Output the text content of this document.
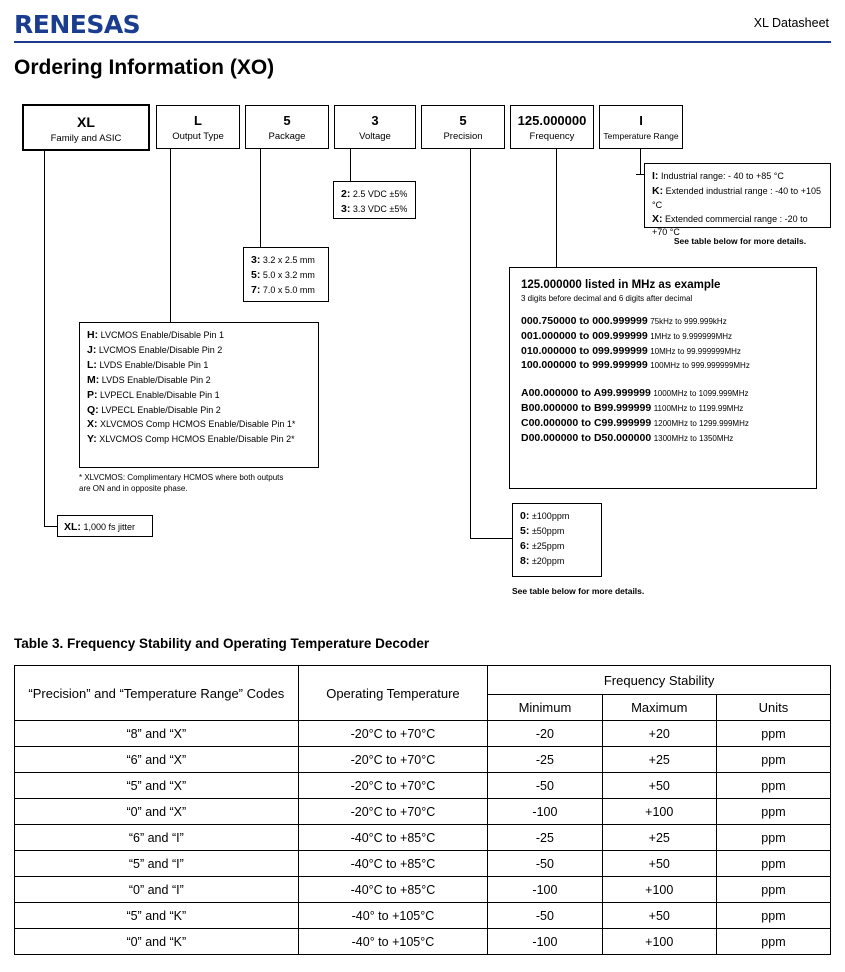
RENESAS	XL Datasheet
Ordering Information (XO)
XL
Family and ASIC
L
Output Type
5
Package
3
Voltage
5
Precision
125.000000
Frequency
I
Temperature Range
I: Industrial range: - 40 to +85 °C
K: Extended industrial range : -40 to +105 °C
X: Extended commercial range : -20 to +70 °C
See table below for more details.
2: 2.5 VDC ±5%
3: 3.3 VDC ±5%
3: 3.2 x 2.5 mm
5: 5.0 x 3.2 mm
7: 7.0 x 5.0 mm	125.000000 listed in MHz as example
3 digits before decimal and 6 digits after decimal
000.750000 to 000.999999 75kHz to 999.999kHz
001.000000 to 009.999999 1MHz to 9.999999MHz
010.000000 to 099.999999 10MHz to 99.999999MHz
100.000000 to 999.999999 100MHz to 999.999999MHz
A00.000000 to A99.999999 1000MHz to 1099.999MHz
B00.000000 to B99.999999 1100MHz to 1199.99MHz
C00.000000 to C99.999999 1200MHz to 1299.999MHz
D00.000000 to D50.000000 1300MHz to 1350MHz
H: LVCMOS Enable/Disable Pin 1
J: LVCMOS Enable/Disable Pin 2
L: LVDS Enable/Disable Pin 1
M: LVDS Enable/Disable Pin 2
P: LVPECL Enable/Disable Pin 1
Q: LVPECL Enable/Disable Pin 2
X: XLVCMOS Comp HCMOS Enable/Disable Pin 1*
Y: XLVCMOS Comp HCMOS Enable/Disable Pin 2*
* XLVCMOS: Complimentary HCMOS where both outputs are ON and in opposite phase.
0: ±100ppm
5: ±50ppm
6: ±25ppm
8: ±20ppm
See table below for more details.
XL: 1,000 fs jitter
Table 3. Frequency Stability and Operating Temperature Decoder
“Precision” and “Temperature Range” Codes	Operating Temperature	Frequency Stability		
		Minimum	Maximum	Units
“8” and “X”	-20°C to +70°C	-20	+20	ppm
“6” and “X”	-20°C to +70°C	-25	+25	ppm
“5” and “X”	-20°C to +70°C	-50	+50	ppm
“0” and “X”	-20°C to +70°C	-100	+100	ppm
“6” and “I”	-40°C to +85°C	-25	+25	ppm
“5” and “I”	-40°C to +85°C	-50	+50	ppm
“0” and “I”	-40°C to +85°C	-100	+100	ppm
“5” and “K”	-40° to +105°C	-50	+50	ppm
“0” and “K”	-40° to +105°C	-100	+100	ppm
